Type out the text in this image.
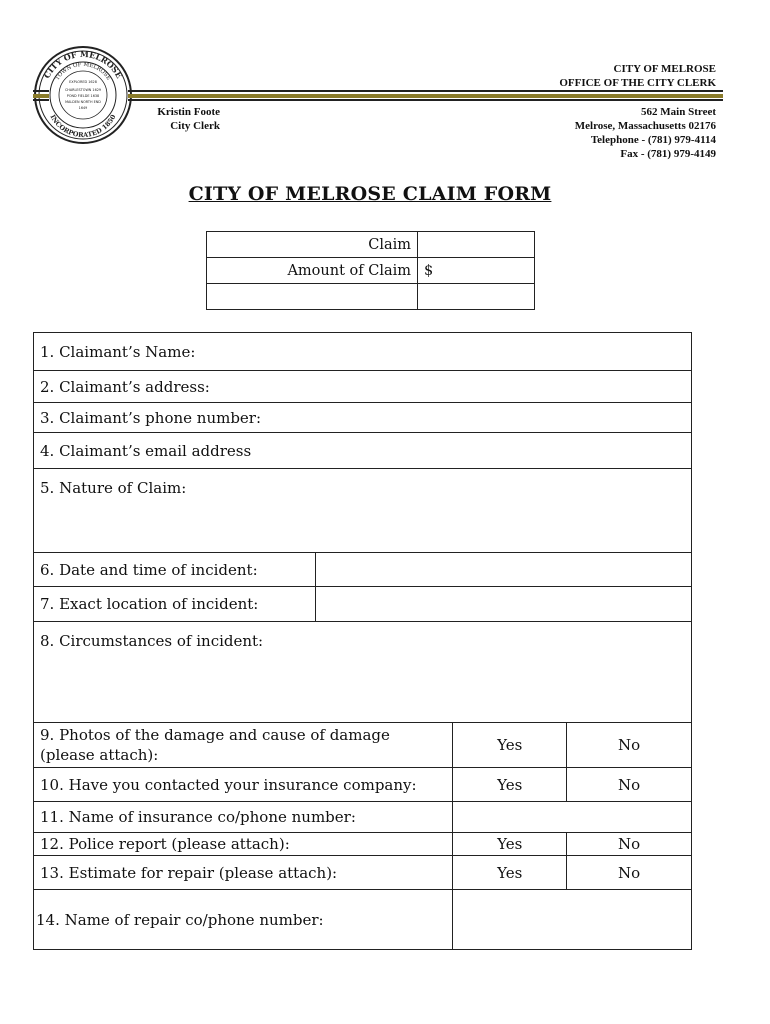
CITY OF MELROSE
TOWN OF MELROSE
INCORPORATED 1850
EXPLORED 1628
CHARLESTOWN 1629
POND FIELDE 1638
MALDEN NORTH END
1649
CITY OF MELROSE
OFFICE OF THE CITY CLERK
Kristin Foote
City Clerk
562 Main Street
Melrose, Massachusetts 02176
Telephone - (781) 979-4114
Fax - (781) 979-4149
CITY OF MELROSE CLAIM FORM
Claim	
Amount of Claim	$

1. Claimant’s Name:			
2. Claimant’s address:			
3. Claimant’s phone number:			
4. Claimant’s email address			
5. Nature of Claim:			
6. Date and time of incident:			
7. Exact location of incident:			
8. Circumstances of incident:			

9. Photos of the damage and cause of damage
(please attach):		Yes	No
10. Have you contacted your insurance company:		Yes	No
11. Name of insurance co/phone number:			
12. Police report (please attach):		Yes	No
13. Estimate for repair (please attach):		Yes	No
14. Name of repair co/phone number:			
